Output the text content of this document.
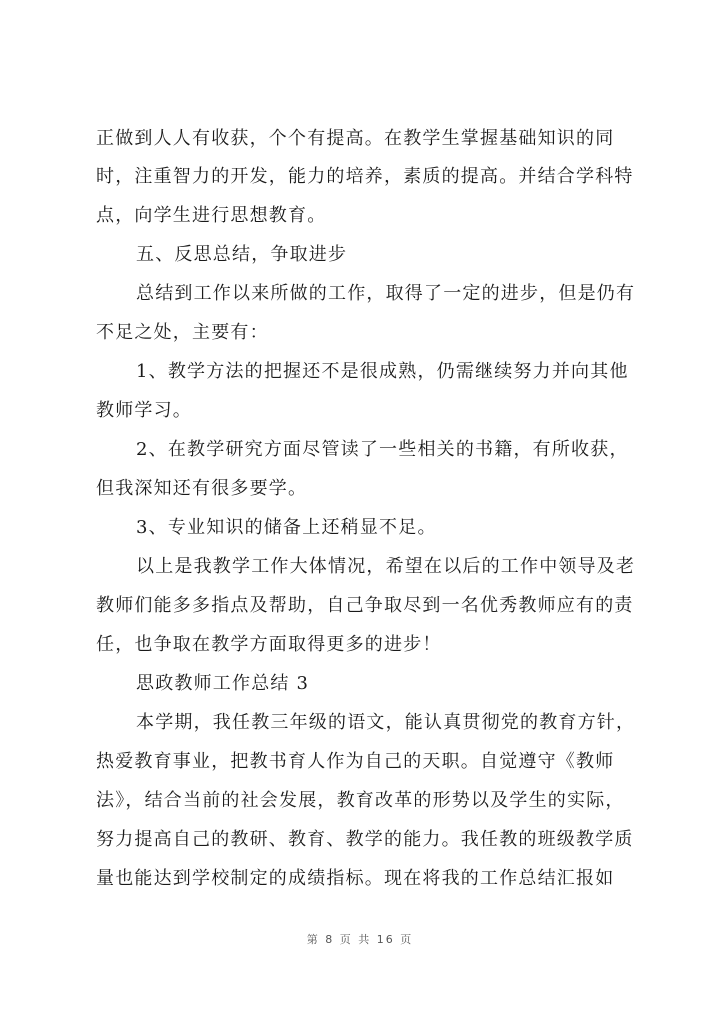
正做到人人有收获，个个有提高。在教学生掌握基础知识的同
时，注重智力的开发，能力的培养，素质的提高。并结合学科特
点，向学生进行思想教育。
五、反思总结，争取进步
总结到工作以来所做的工作，取得了一定的进步，但是仍有
不足之处，主要有：
1、教学方法的把握还不是很成熟，仍需继续努力并向其他
教师学习。
2、在教学研究方面尽管读了一些相关的书籍，有所收获，
但我深知还有很多要学。
3、专业知识的储备上还稍显不足。
以上是我教学工作大体情况，希望在以后的工作中领导及老
教师们能多多指点及帮助，自己争取尽到一名优秀教师应有的责
任，也争取在教学方面取得更多的进步！
思政教师工作总结 3
本学期，我任教三年级的语文，能认真贯彻党的教育方针，
热爱教育事业，把教书育人作为自己的天职。自觉遵守《教师
法》，结合当前的社会发展，教育改革的形势以及学生的实际，
努力提高自己的教研、教育、教学的能力。我任教的班级教学质
量也能达到学校制定的成绩指标。现在将我的工作总结汇报如
第 8 页 共 16 页
